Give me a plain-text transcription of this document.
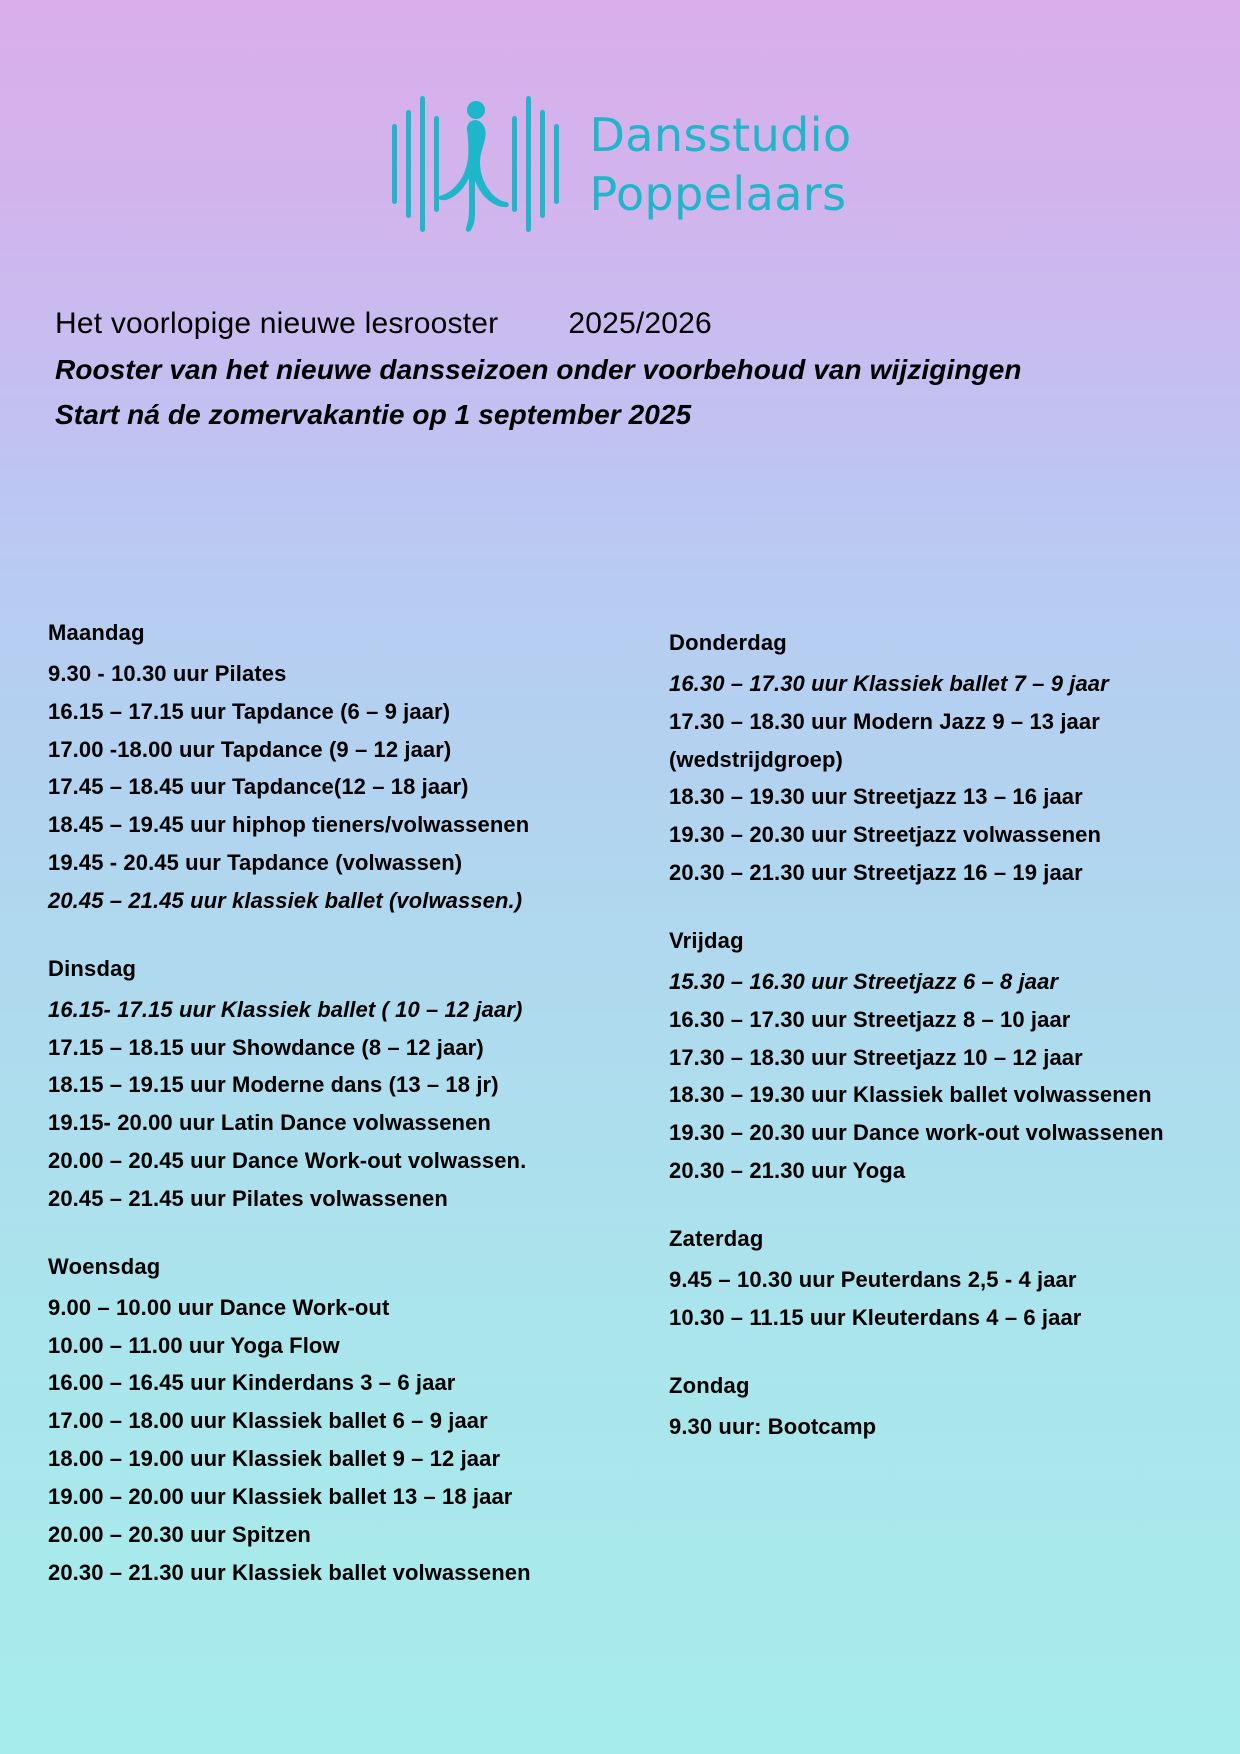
Dansstudio
Poppelaars
Het voorlopige nieuwe lesrooster 2025/2026
Rooster van het nieuwe dansseizoen onder voorbehoud van wijzigingen
Start ná de zomervakantie op 1 september 2025
Maandag
9.30 - 10.30 uur Pilates
16.15 – 17.15 uur Tapdance (6 – 9 jaar)
17.00 -18.00 uur Tapdance (9 – 12 jaar)
17.45 – 18.45 uur Tapdance(12 – 18 jaar)
18.45 – 19.45 uur hiphop tieners/volwassenen
19.45 - 20.45 uur Tapdance (volwassen)
20.45 – 21.45 uur klassiek ballet (volwassen.)
Dinsdag
16.15- 17.15 uur Klassiek ballet ( 10 – 12 jaar)
17.15 – 18.15 uur Showdance (8 – 12 jaar)
18.15 – 19.15 uur Moderne dans (13 – 18 jr)
19.15- 20.00 uur Latin Dance volwassenen
20.00 – 20.45 uur Dance Work-out volwassen.
20.45 – 21.45 uur Pilates volwassenen
Woensdag
9.00 – 10.00 uur Dance Work-out
10.00 – 11.00 uur Yoga Flow
16.00 – 16.45 uur Kinderdans 3 – 6 jaar
17.00 – 18.00 uur Klassiek ballet 6 – 9 jaar
18.00 – 19.00 uur Klassiek ballet 9 – 12 jaar
19.00 – 20.00 uur Klassiek ballet 13 – 18 jaar
20.00 – 20.30 uur Spitzen
20.30 – 21.30 uur Klassiek ballet volwassenen
Donderdag
16.30 – 17.30 uur Klassiek ballet 7 – 9 jaar
17.30 – 18.30 uur Modern Jazz 9 – 13 jaar
(wedstrijdgroep)
18.30 – 19.30 uur Streetjazz 13 – 16 jaar
19.30 – 20.30 uur Streetjazz volwassenen
20.30 – 21.30 uur Streetjazz 16 – 19 jaar
Vrijdag
15.30 – 16.30 uur Streetjazz 6 – 8 jaar
16.30 – 17.30 uur Streetjazz 8 – 10 jaar
17.30 – 18.30 uur Streetjazz 10 – 12 jaar
18.30 – 19.30 uur Klassiek ballet volwassenen
19.30 – 20.30 uur Dance work-out volwassenen
20.30 – 21.30 uur Yoga
Zaterdag
9.45 – 10.30 uur Peuterdans 2,5 - 4 jaar
10.30 – 11.15 uur Kleuterdans 4 – 6 jaar
Zondag
9.30 uur: Bootcamp
